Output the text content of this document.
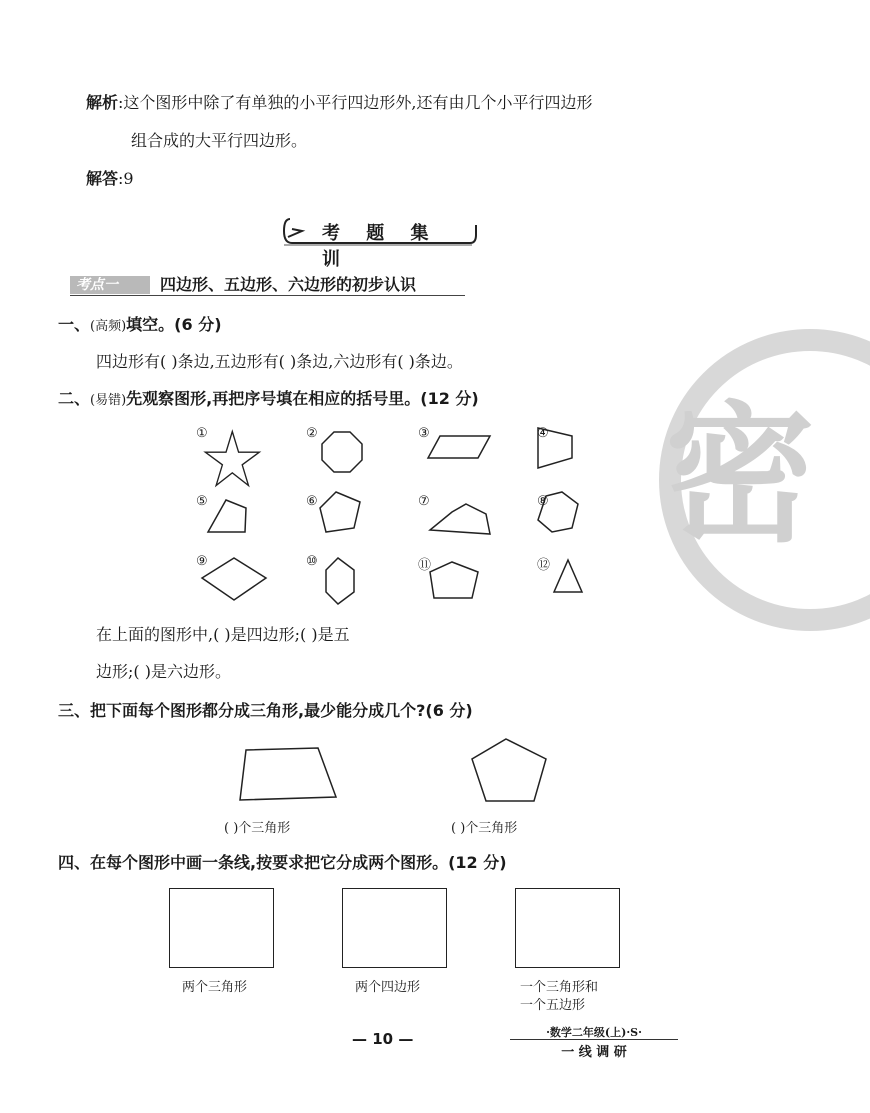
解析:这个图形中除了有单独的小平行四边形外,还有由几个小平行四边形
组合成的大平行四边形。
解答:9
考 题 集 训
考点一	四边形、五边形、六边形的初步认识
一、(高频)填空。(6 分)
四边形有( )条边,五边形有( )条边,六边形有( )条边。
二、(易错)先观察图形,再把序号填在相应的括号里。(12 分)
①	②	③	④
⑤	⑥	⑦	⑧
⑨	⑩	⑪	⑫
在上面的图形中,( )是四边形;( )是五
边形;( )是六边形。
三、把下面每个图形都分成三角形,最少能分成几个?(6 分)
( )个三角形	( )个三角形
四、在每个图形中画一条线,按要求把它分成两个图形。(12 分)
两个三角形	两个四边形	一个三角形和
一个五边形
— 10 —	·数学二年级(上)·S·
一 线 调 研
密
